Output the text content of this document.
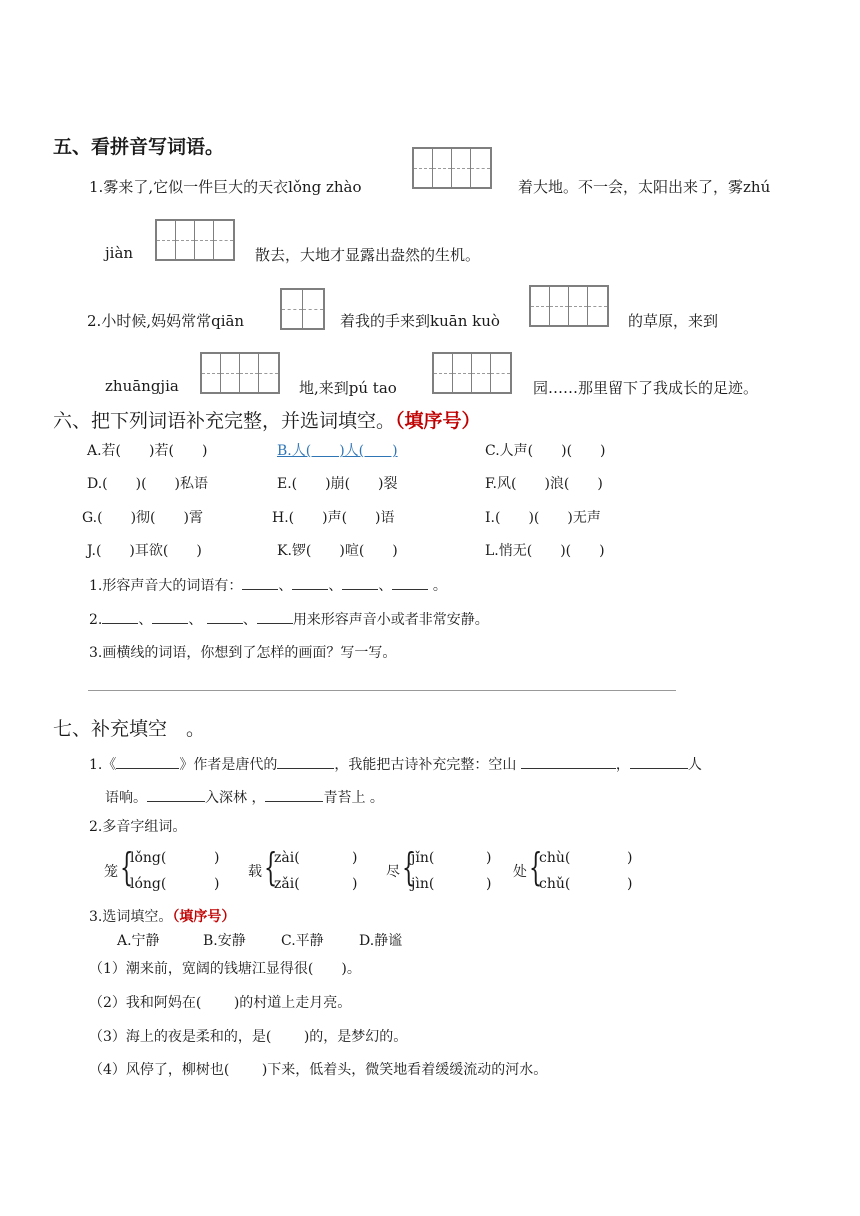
五、看拼音写词语。
1.雾来了,它似一件巨大的天衣lǒng zhào	着大地。不一会，太阳出来了，雾zhú
jiàn	散去，大地才显露出盎然的生机。
2.小时候,妈妈常常qiān	着我的手来到kuān kuò	的草原，来到
zhuāngjia	地,来到pú tao	园……那里留下了我成长的足迹。
六、把下列词语补充完整，并选词填空。（填序号）
A.若(　　)若(　　)	B.人(　　)人(　　)	C.人声(　　)(　　)
D.(　　)(　　)私语	E.(　　)崩(　　)裂	F.风(　　)浪(　　)
G.(　　)彻(　　)霄	H.(　　)声(　　)语	I.(　　)(　　)无声
J.(　　)耳欲(　　)	K.锣(　　)喧(　　)	L.悄无(　　)(　　)
1.形容声音大的词语有：	、	、	、	。
2.	、	、	、	用来形容声音小或者非常安静。
3.画横线的词语，你想到了怎样的画面？写一写。
七、补充填空　。
1.《	》作者是唐代的	，我能把古诗补充完整：空山	，	人
语响。	入深林 ，	青苔上 。
2.多音字组词。
笼 {
lǒng(	)
lóng(	)
载 {
zài(	)
zǎi(	)
尽 {
jǐn(	)
jìn(	)
处 {
chù(	)
chǔ(	)
3.选词填空。（填序号）
A.宁静	B.安静	C.平静	D.静谧
（1）潮来前，宽阔的钱塘江显得很(　　)。
（2）我和阿妈在(　　 )的村道上走月亮。
（3）海上的夜是柔和的，是(　　 )的，是梦幻的。
（4）风停了，柳树也(　　 )下来，低着头，微笑地看着缓缓流动的河水。
